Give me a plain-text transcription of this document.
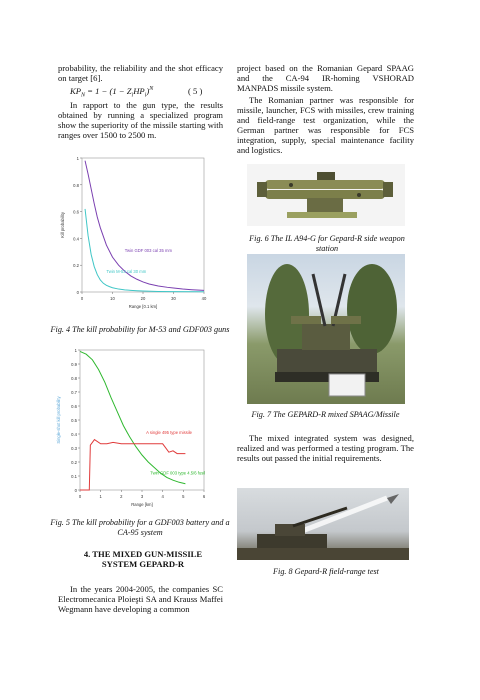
probability, the reliability and the shot efficacy on target [6].

$KP_N = 1 - (1 - Z_iHP_i)^N$	( 5 )

In rapport to the gun type, the results obtained by running a specialized program show the superiority of the missile starting with ranges over 1500 to 2500 m.

0
0.2
0.4
0.6
0.8
1
0	10	20	30	40
Range [0.1 km]
Kill probability
Twin GDF 003 cal 35 mm
Twin M-53 cal 30 mm
Fig. 4 The kill probability for M-53 and GDF003 guns
0
0.1
0.2
0.3
0.4
0.5
0.6
0.7
0.8
0.9
1
0	1	2	3	4	5	6
Range [km]
Single-shot kill probability
Twin GDF 003 type 4.5/6 fusil
A single 495 type missile
Fig. 5 The kill probability for a GDF003 battery and a CA-95 system
4. THE MIXED GUN-MISSILE SYSTEM GEPARD-R

In the years 2004-2005, the companies SC Electromecanica Ploieşti SA and Krauss Maffei Wegmann have developing a common

project based on the Romanian Gepard SPAAG and the CA-94 IR-homing VSHORAD MANPADS missile system.

The Romanian partner was responsible for missile, launcher, FCS with missiles, crew training and field-range test organization, while the German partner was responsible for FCS integration, supply, special maintenance facility and logistics.

Fig. 6 The IL A94-G for Gepard-R side weapon station
Fig. 7 The GEPARD-R mixed SPAAG/Missile

The mixed integrated system was designed, realized and was performed a testing program. The results out passed the initial requirements.

Fig. 8 Gepard-R field-range test
